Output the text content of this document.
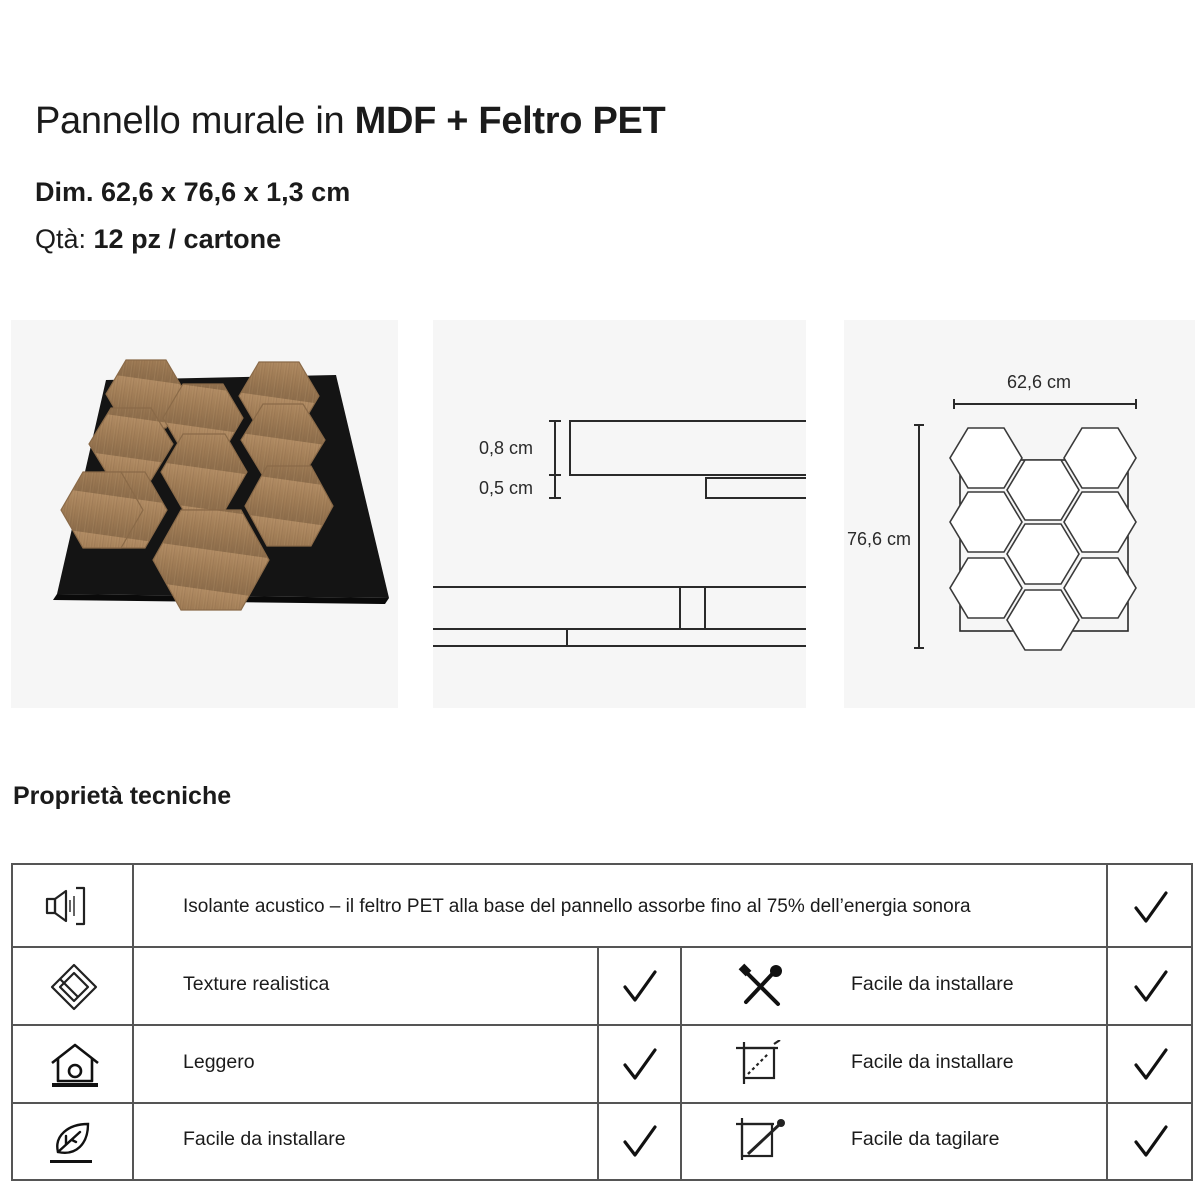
Pannello murale in MDF + Feltro PET
Dim. 62,6 x 76,6 x 1,3 cm
Qtà: 12 pz / cartone
0,8 cm
0,5 cm
62,6 cm
76,6 cm
Proprietà tecniche
Isolante acustico – il feltro PET alla base del pannello assorbe fino al 75% dell’energia sonora
Texture realistica	Facile da installare
Leggero	Facile da installare
Facile da installare	Facile da tagilare
